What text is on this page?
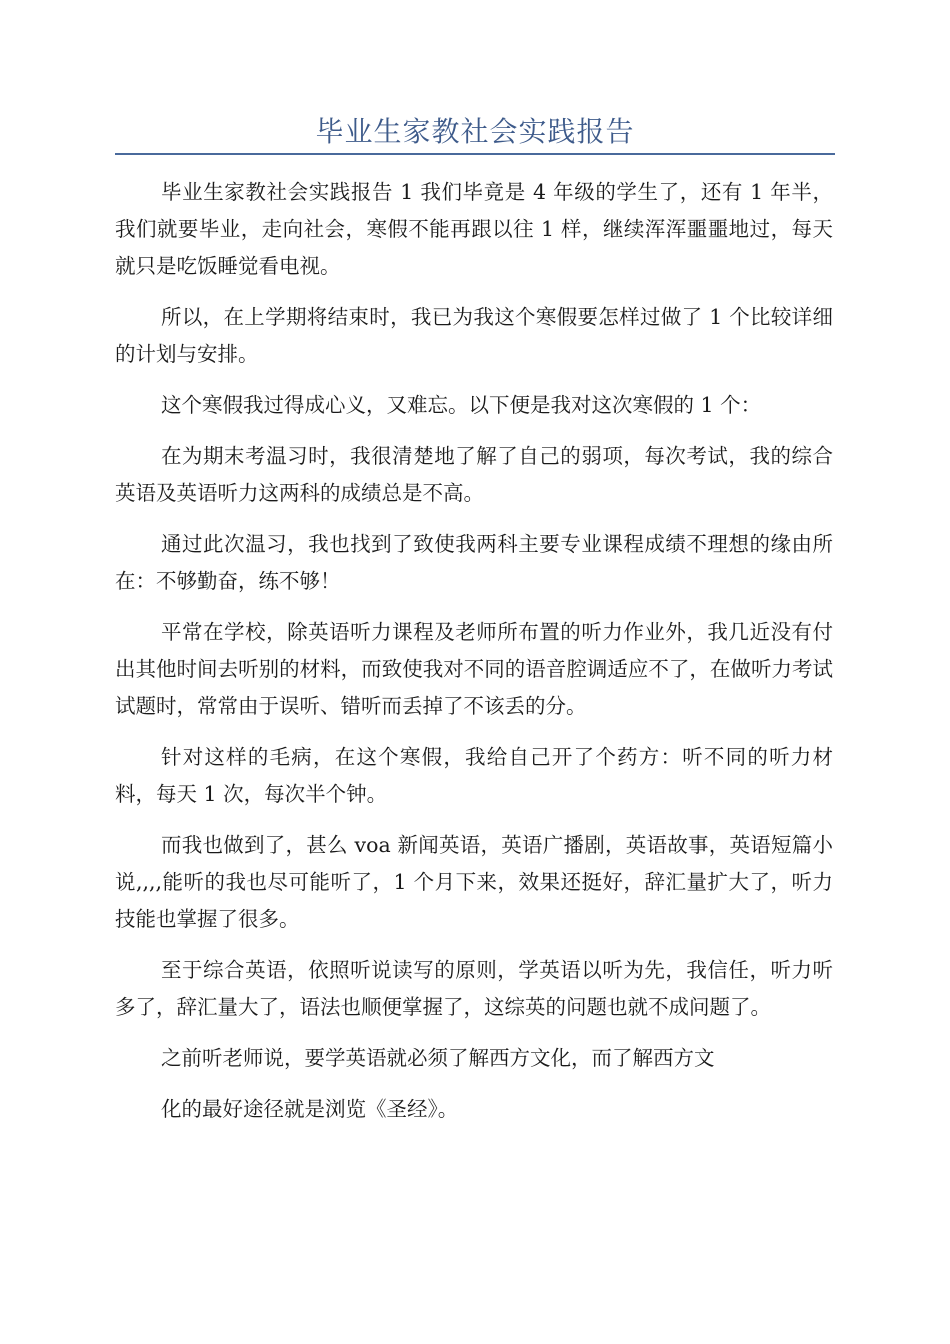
毕业生家教社会实践报告

毕业生家教社会实践报告 1 我们毕竟是 4 年级的学生了，还有 1 年半，我们就要毕业，走向社会，寒假不能再跟以往 1 样，继续浑浑噩噩地过，每天就只是吃饭睡觉看电视。

所以，在上学期将结束时，我已为我这个寒假要怎样过做了 1 个比较详细的计划与安排。

这个寒假我过得成心义，又难忘。以下便是我对这次寒假的 1 个：

在为期末考温习时，我很清楚地了解了自己的弱项，每次考试，我的综合英语及英语听力这两科的成绩总是不高。

通过此次温习，我也找到了致使我两科主要专业课程成绩不理想的缘由所在：不够勤奋，练不够！

平常在学校，除英语听力课程及老师所布置的听力作业外，我几近没有付出其他时间去听别的材料，而致使我对不同的语音腔调适应不了，在做听力考试试题时，常常由于误听、错听而丢掉了不该丢的分。

针对这样的毛病，在这个寒假，我给自己开了个药方：听不同的听力材料，每天 1 次，每次半个钟。

而我也做到了，甚么 voa 新闻英语，英语广播剧，英语故事，英语短篇小说,,,,能听的我也尽可能听了，1 个月下来，效果还挺好，辞汇量扩大了，听力技能也掌握了很多。

至于综合英语，依照听说读写的原则，学英语以听为先，我信任，听力听多了，辞汇量大了，语法也顺便掌握了，这综英的问题也就不成问题了。

之前听老师说，要学英语就必须了解西方文化，而了解西方文

化的最好途径就是浏览《圣经》。
